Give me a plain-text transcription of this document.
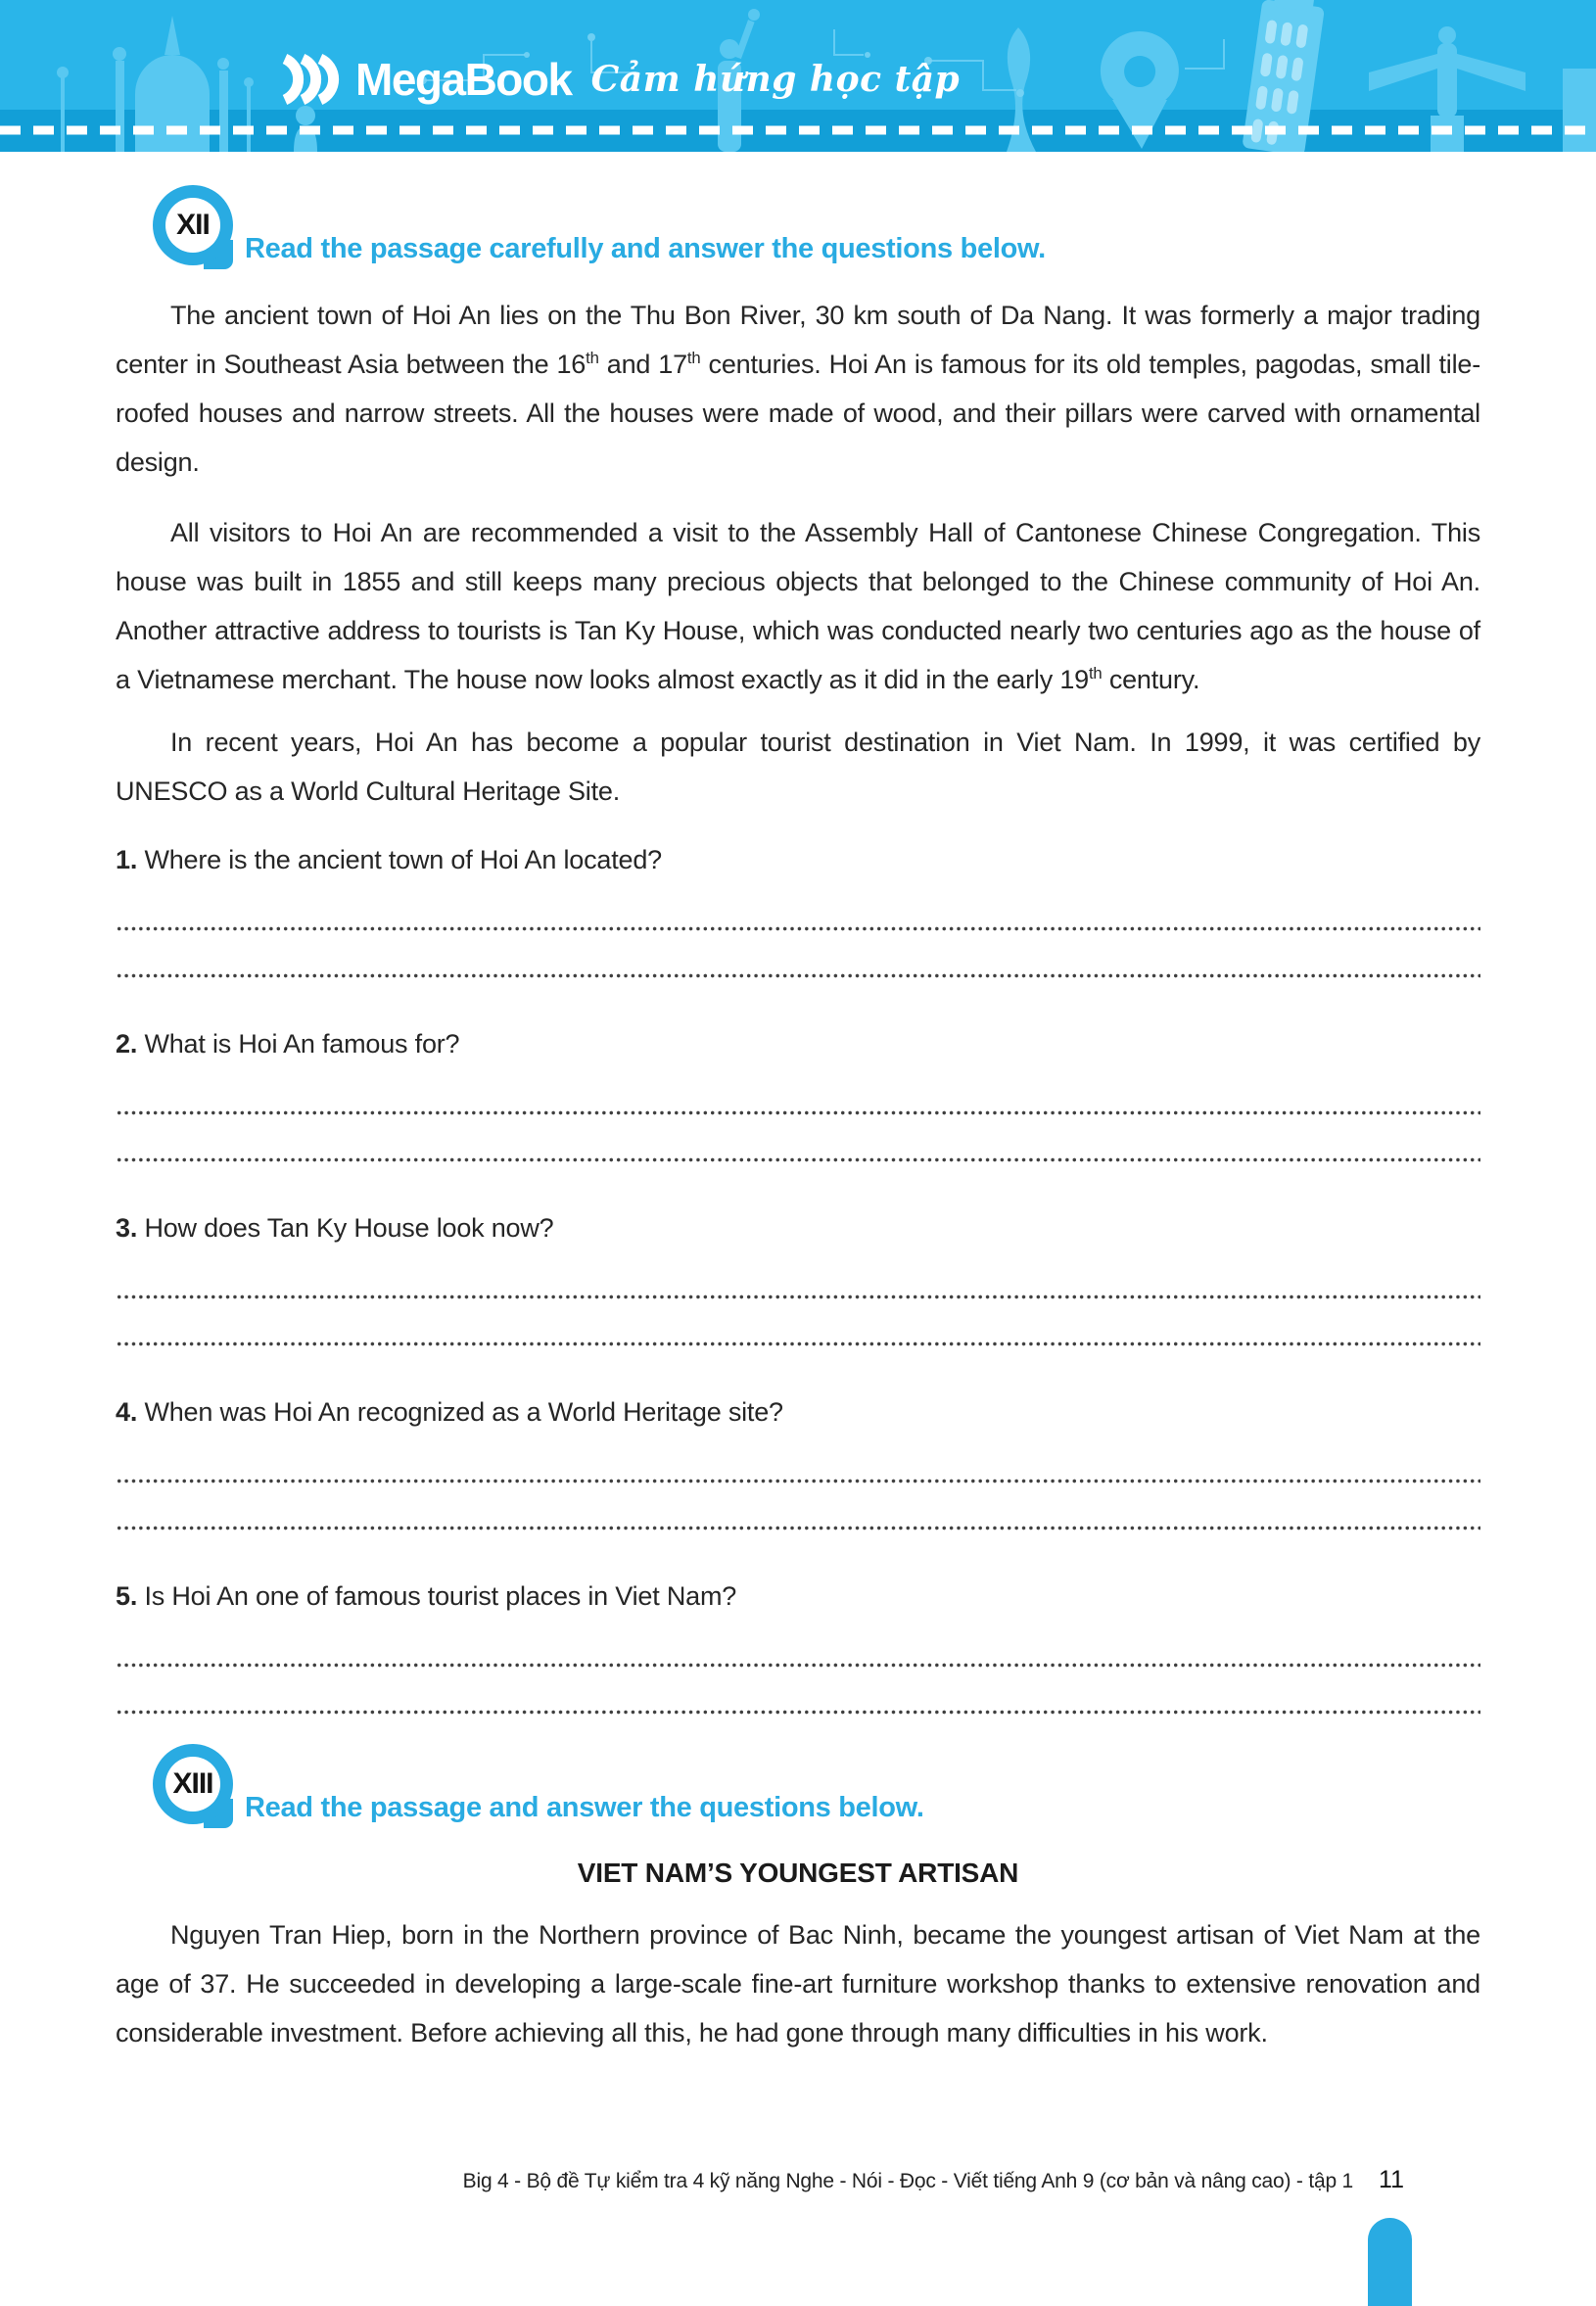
MegaBook Cảm hứng học tập
XII
Read the passage carefully and answer the questions below.

The ancient town of Hoi An lies on the Thu Bon River, 30 km south of Da Nang. It was formerly a major trading center in Southeast Asia between the 16th and 17th centuries. Hoi An is famous for its old temples, pagodas, small tile-roofed houses and narrow streets. All the houses were made of wood, and their pillars were carved with ornamental design.

All visitors to Hoi An are recommended a visit to the Assembly Hall of Cantonese Chinese Congregation. This house was built in 1855 and still keeps many precious objects that belonged to the Chinese community of Hoi An. Another attractive address to tourists is Tan Ky House, which was conducted nearly two centuries ago as the house of a Vietnamese merchant. The house now looks almost exactly as it did in the early 19th century.

In recent years, Hoi An has become a popular tourist destination in Viet Nam. In 1999, it was certified by UNESCO as a World Cultural Heritage Site.

1. Where is the ancient town of Hoi An located?

2. What is Hoi An famous for?

3. How does Tan Ky House look now?

4. When was Hoi An recognized as a World Heritage site?

5. Is Hoi An one of famous tourist places in Viet Nam?

XIII
Read the passage and answer the questions below.
VIET NAM’S YOUNGEST ARTISAN

Nguyen Tran Hiep, born in the Northern province of Bac Ninh, became the youngest artisan of Viet Nam at the age of 37. He succeeded in developing a large-scale fine-art furniture workshop thanks to extensive renovation and considerable investment. Before achieving all this, he had gone through many difficulties in his work.

Big 4 - Bộ đề Tự kiểm tra 4 kỹ năng Nghe - Nói - Đọc - Viết tiếng Anh 9 (cơ bản và nâng cao) - tập 1 11
